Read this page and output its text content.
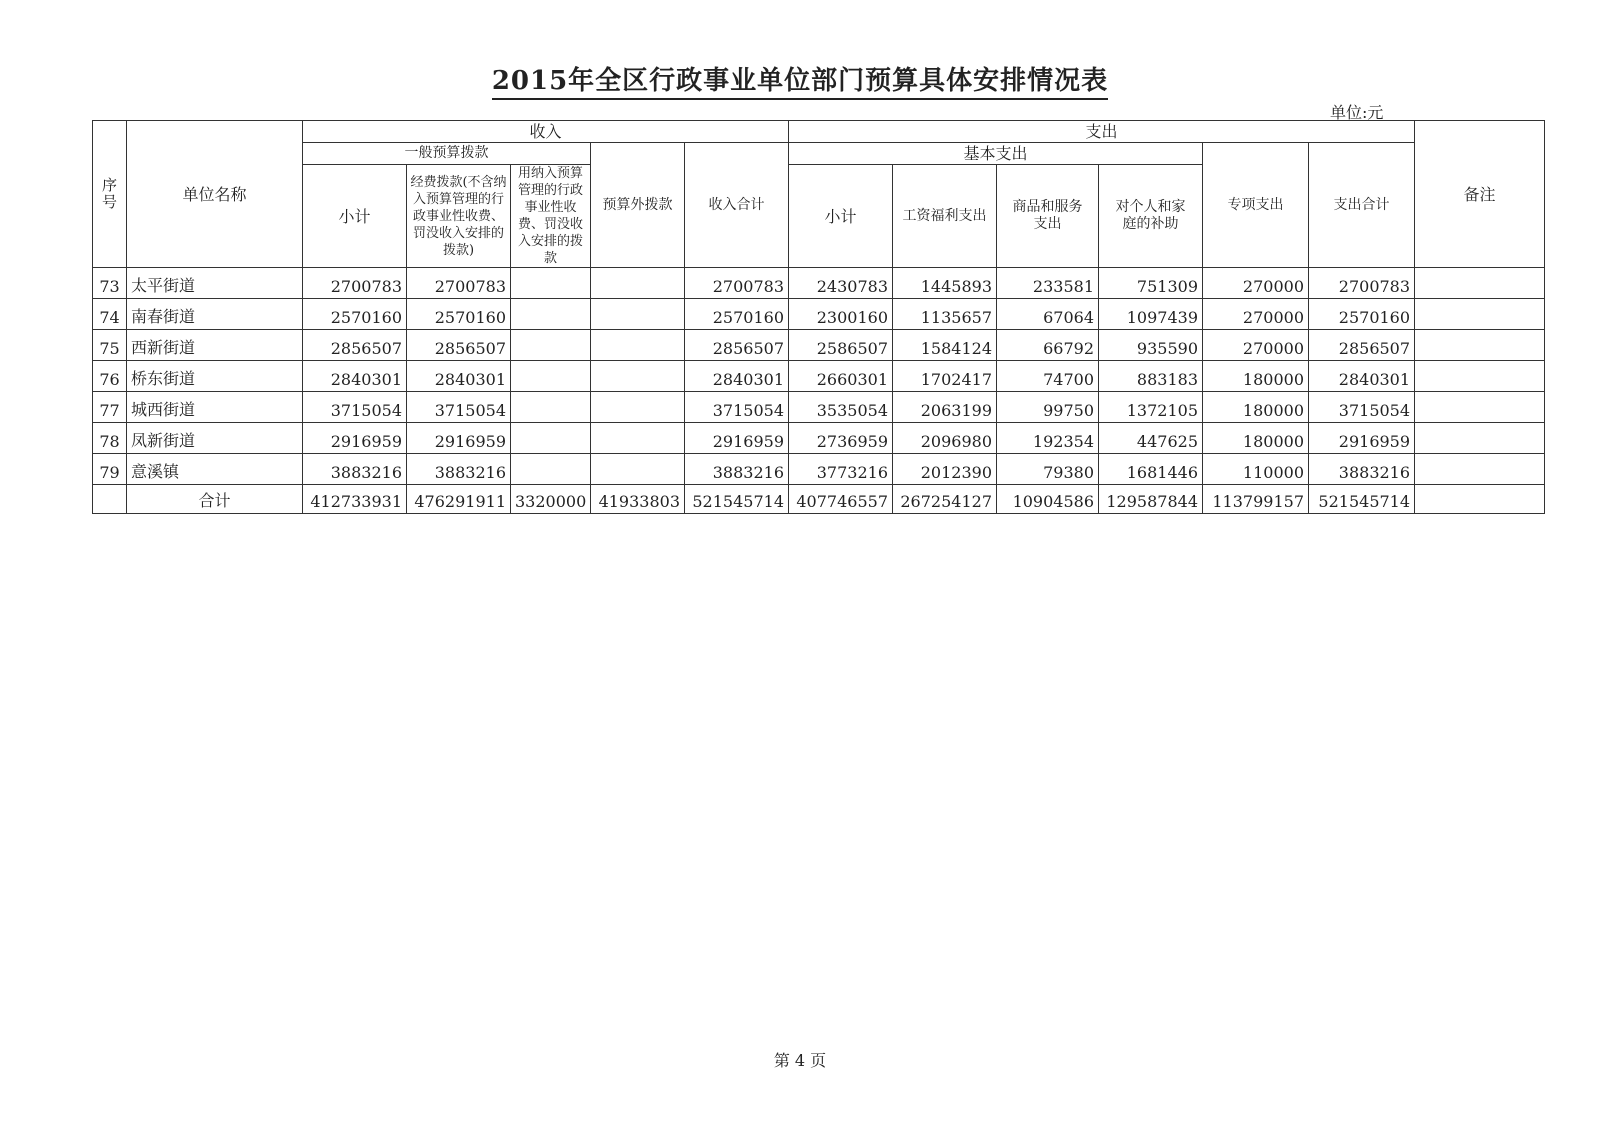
2015年全区行政事业单位部门预算具体安排情况表
单位:元
序号	单位名称	收入					支出						备注
		一般预算拨款			预算外拨款	收入合计	基本支出				专项支出	支出合计	
		小计	经费拨款(不含纳入预算管理的行政事业性收费、罚没收入安排的拨款)	用纳入预算管理的行政事业性收费、罚没收入安排的拨款			小计	工资福利支出	商品和服务支出	对个人和家庭的补助			

73	太平街道	2700783	2700783			2700783	2430783	1445893	233581	751309	270000	2700783	
74	南春街道	2570160	2570160			2570160	2300160	1135657	67064	1097439	270000	2570160	
75	西新街道	2856507	2856507			2856507	2586507	1584124	66792	935590	270000	2856507	
76	桥东街道	2840301	2840301			2840301	2660301	1702417	74700	883183	180000	2840301	
77	城西街道	3715054	3715054			3715054	3535054	2063199	99750	1372105	180000	3715054	
78	凤新街道	2916959	2916959			2916959	2736959	2096980	192354	447625	180000	2916959	
79	意溪镇	3883216	3883216			3883216	3773216	2012390	79380	1681446	110000	3883216	
	合计	412733931	476291911	3320000	41933803	521545714	407746557	267254127	10904586	129587844	113799157	521545714	
第 4 页
